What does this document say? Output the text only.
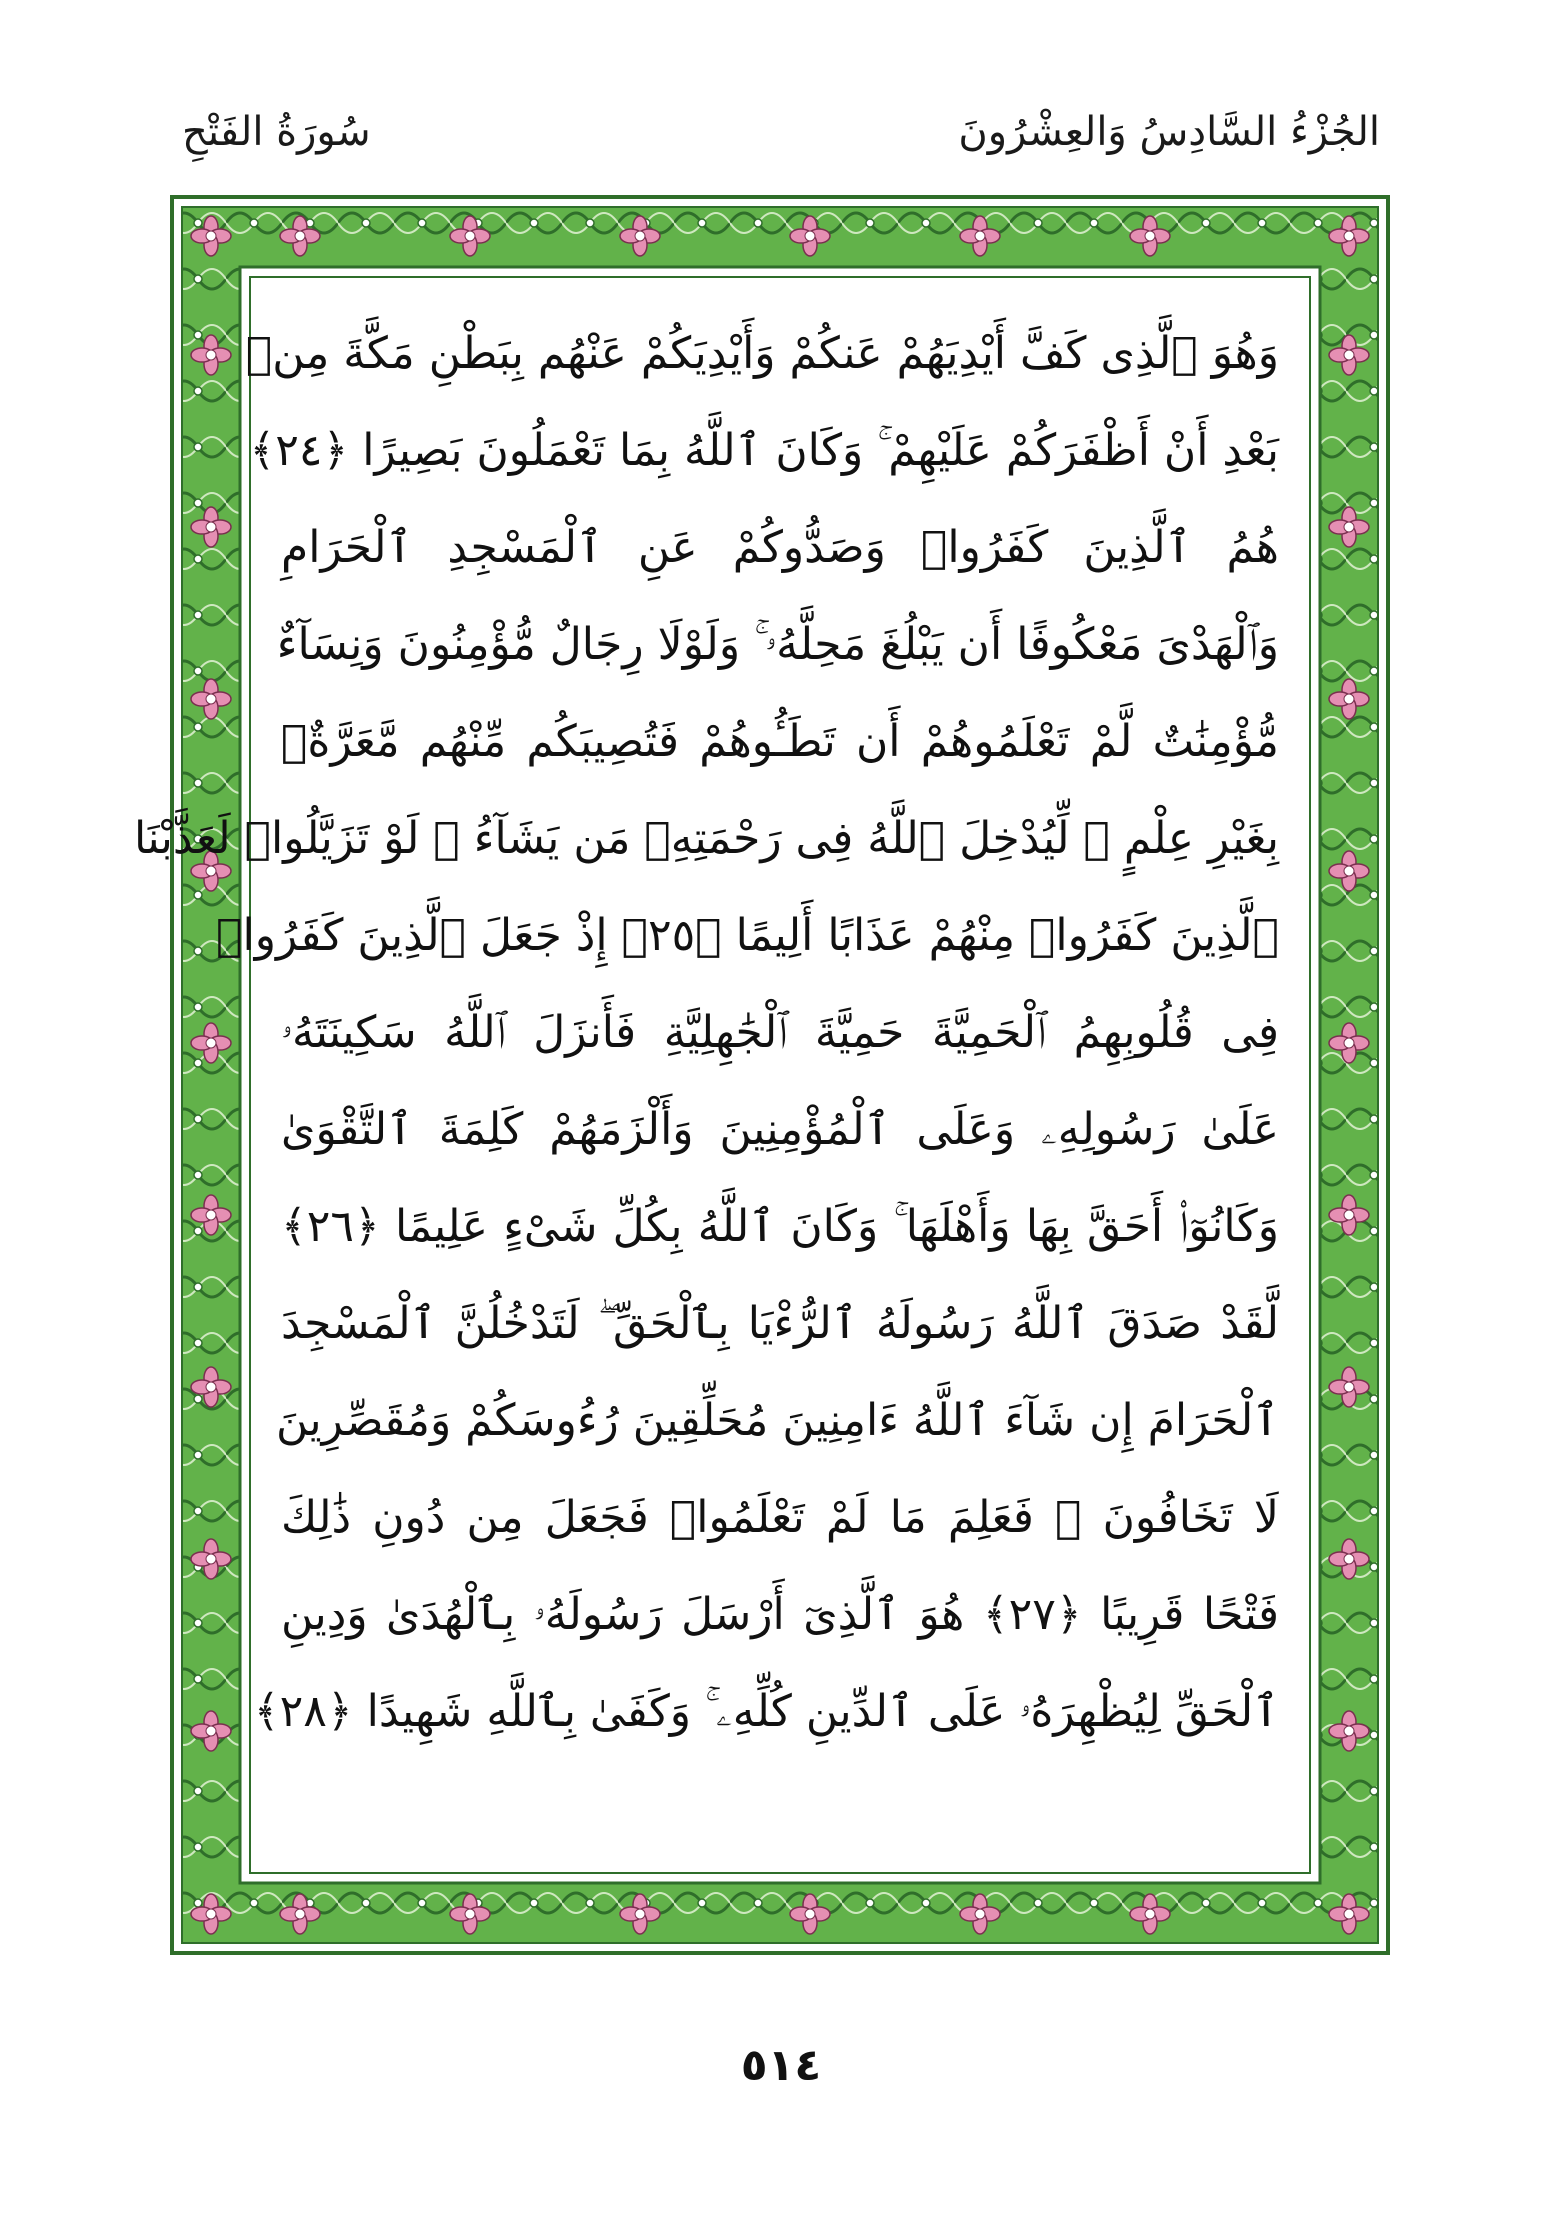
سُورَةُ الفَتْحِ	الجُزْءُ السَّادِسُ وَالعِشْرُونَ
وَهُوَ ٱلَّذِى كَفَّ أَيْدِيَهُمْ عَنكُمْ وَأَيْدِيَكُمْ عَنْهُم بِبَطْنِ مَكَّةَ مِنۢ
بَعْدِ أَنْ أَظْفَرَكُمْ عَلَيْهِمْ ۚ وَكَانَ ٱللَّهُ بِمَا تَعْمَلُونَ بَصِيرًا ﴿٢٤﴾
هُمُ ٱلَّذِينَ كَفَرُوا۟ وَصَدُّوكُمْ عَنِ ٱلْمَسْجِدِ ٱلْحَرَامِ
وَٱلْهَدْىَ مَعْكُوفًا أَن يَبْلُغَ مَحِلَّهُۥ ۚ وَلَوْلَا رِجَالٌ مُّؤْمِنُونَ وَنِسَآءٌ
مُّؤْمِنَٰتٌ لَّمْ تَعْلَمُوهُمْ أَن تَطَـُٔوهُمْ فَتُصِيبَكُم مِّنْهُم مَّعَرَّةٌۢ
بِغَيْرِ عِلْمٍ ۖ لِّيُدْخِلَ ٱللَّهُ فِى رَحْمَتِهِۦ مَن يَشَآءُ ۚ لَوْ تَزَيَّلُوا۟ لَعَذَّبْنَا
ٱلَّذِينَ كَفَرُوا۟ مِنْهُمْ عَذَابًا أَلِيمًا ﴿٢٥﴾ إِذْ جَعَلَ ٱلَّذِينَ كَفَرُوا۟
فِى قُلُوبِهِمُ ٱلْحَمِيَّةَ حَمِيَّةَ ٱلْجَٰهِلِيَّةِ فَأَنزَلَ ٱللَّهُ سَكِينَتَهُۥ
عَلَىٰ رَسُولِهِۦ وَعَلَى ٱلْمُؤْمِنِينَ وَأَلْزَمَهُمْ كَلِمَةَ ٱلتَّقْوَىٰ
وَكَانُوٓا۟ أَحَقَّ بِهَا وَأَهْلَهَا ۚ وَكَانَ ٱللَّهُ بِكُلِّ شَىْءٍ عَلِيمًا ﴿٢٦﴾
لَّقَدْ صَدَقَ ٱللَّهُ رَسُولَهُ ٱلرُّءْيَا بِٱلْحَقِّ ۖ لَتَدْخُلُنَّ ٱلْمَسْجِدَ
ٱلْحَرَامَ إِن شَآءَ ٱللَّهُ ءَامِنِينَ مُحَلِّقِينَ رُءُوسَكُمْ وَمُقَصِّرِينَ
لَا تَخَافُونَ ۖ فَعَلِمَ مَا لَمْ تَعْلَمُوا۟ فَجَعَلَ مِن دُونِ ذَٰلِكَ
فَتْحًا قَرِيبًا ﴿٢٧﴾ هُوَ ٱلَّذِىٓ أَرْسَلَ رَسُولَهُۥ بِٱلْهُدَىٰ وَدِينِ
ٱلْحَقِّ لِيُظْهِرَهُۥ عَلَى ٱلدِّينِ كُلِّهِۦ ۚ وَكَفَىٰ بِٱللَّهِ شَهِيدًا ﴿٢٨﴾
٥١٤
